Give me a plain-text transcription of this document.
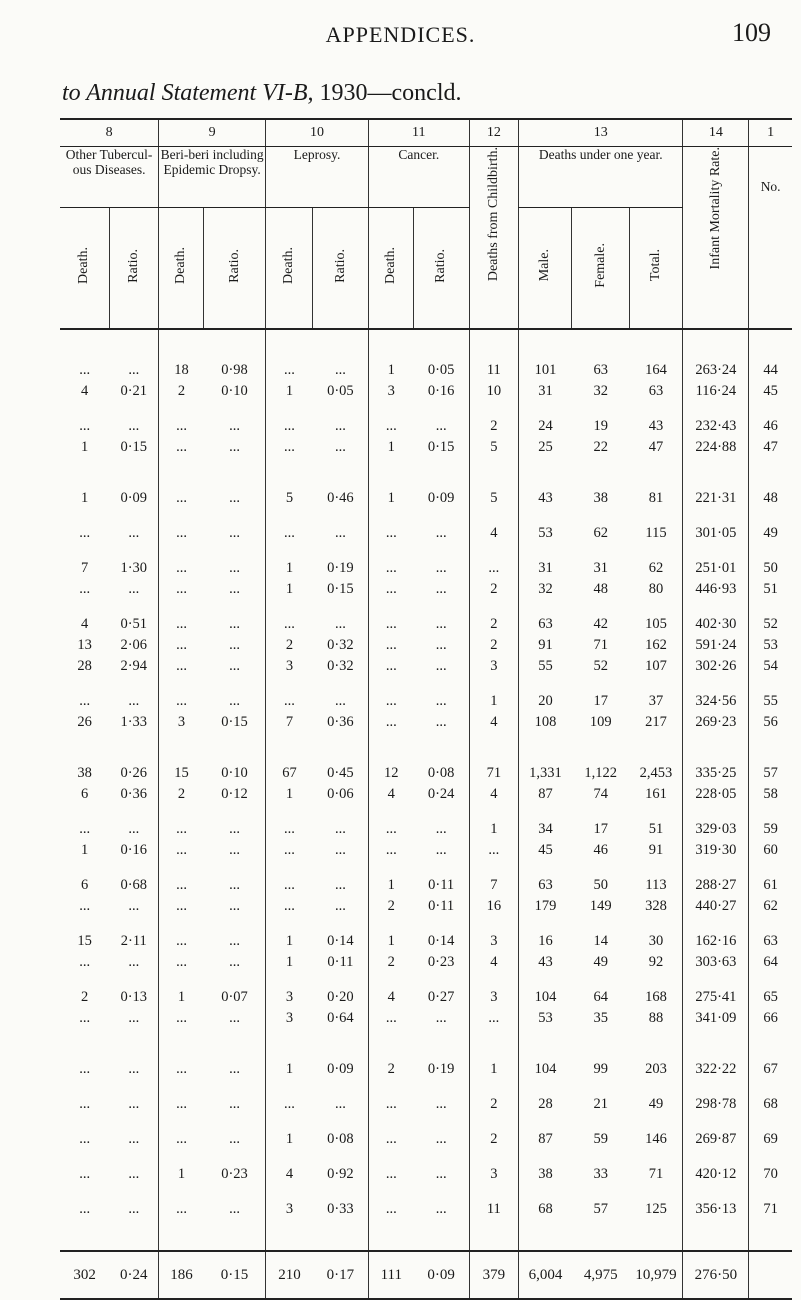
APPENDICES.	109
to Annual Statement VI-B, 1930—concld.
8		9		10		11		12	13			14	1
Other Tubercul- ous Diseases.		Beri-beri including Epidemic Dropsy.		Leprosy.		Cancer.		Deaths from Childbirth.	Deaths under one year.			Infant Mortality Rate.	No.
Death.	Ratio.	Death.	Ratio.	Death.	Ratio.	Death.	Ratio.		Male.	Female.	Total.		

...	...	18	0·98	...	...	1	0·05	11	101	63	164	263·24	44
4	0·21	2	0·10	1	0·05	3	0·16	10	31	32	63	116·24	45

...	...	...	...	...	...	...	...	2	24	19	43	232·43	46
1	0·15	...	...	...	...	1	0·15	5	25	22	47	224·88	47

1	0·09	...	...	5	0·46	1	0·09	5	43	38	81	221·31	48

...	...	...	...	...	...	...	...	4	53	62	115	301·05	49

7	1·30	...	...	1	0·19	...	...	...	31	31	62	251·01	50
...	...	...	...	1	0·15	...	...	2	32	48	80	446·93	51

4	0·51	...	...	...	...	...	...	2	63	42	105	402·30	52
13	2·06	...	...	2	0·32	...	...	2	91	71	162	591·24	53
28	2·94	...	...	3	0·32	...	...	3	55	52	107	302·26	54

...	...	...	...	...	...	...	...	1	20	17	37	324·56	55
26	1·33	3	0·15	7	0·36	...	...	4	108	109	217	269·23	56

38	0·26	15	0·10	67	0·45	12	0·08	71	1,331	1,122	2,453	335·25	57
6	0·36	2	0·12	1	0·06	4	0·24	4	87	74	161	228·05	58

...	...	...	...	...	...	...	...	1	34	17	51	329·03	59
1	0·16	...	...	...	...	...	...	...	45	46	91	319·30	60

6	0·68	...	...	...	...	1	0·11	7	63	50	113	288·27	61
...	...	...	...	...	...	2	0·11	16	179	149	328	440·27	62

15	2·11	...	...	1	0·14	1	0·14	3	16	14	30	162·16	63
...	...	...	...	1	0·11	2	0·23	4	43	49	92	303·63	64

2	0·13	1	0·07	3	0·20	4	0·27	3	104	64	168	275·41	65
...	...	...	...	3	0·64	...	...	...	53	35	88	341·09	66

...	...	...	...	1	0·09	2	0·19	1	104	99	203	322·22	67

...	...	...	...	...	...	...	...	2	28	21	49	298·78	68

...	...	...	...	1	0·08	...	...	2	87	59	146	269·87	69

...	...	1	0·23	4	0·92	...	...	3	38	33	71	420·12	70

...	...	...	...	3	0·33	...	...	11	68	57	125	356·13	71

302	0·24	186	0·15	210	0·17	111	0·09	379	6,004	4,975	10,979	276·50	
